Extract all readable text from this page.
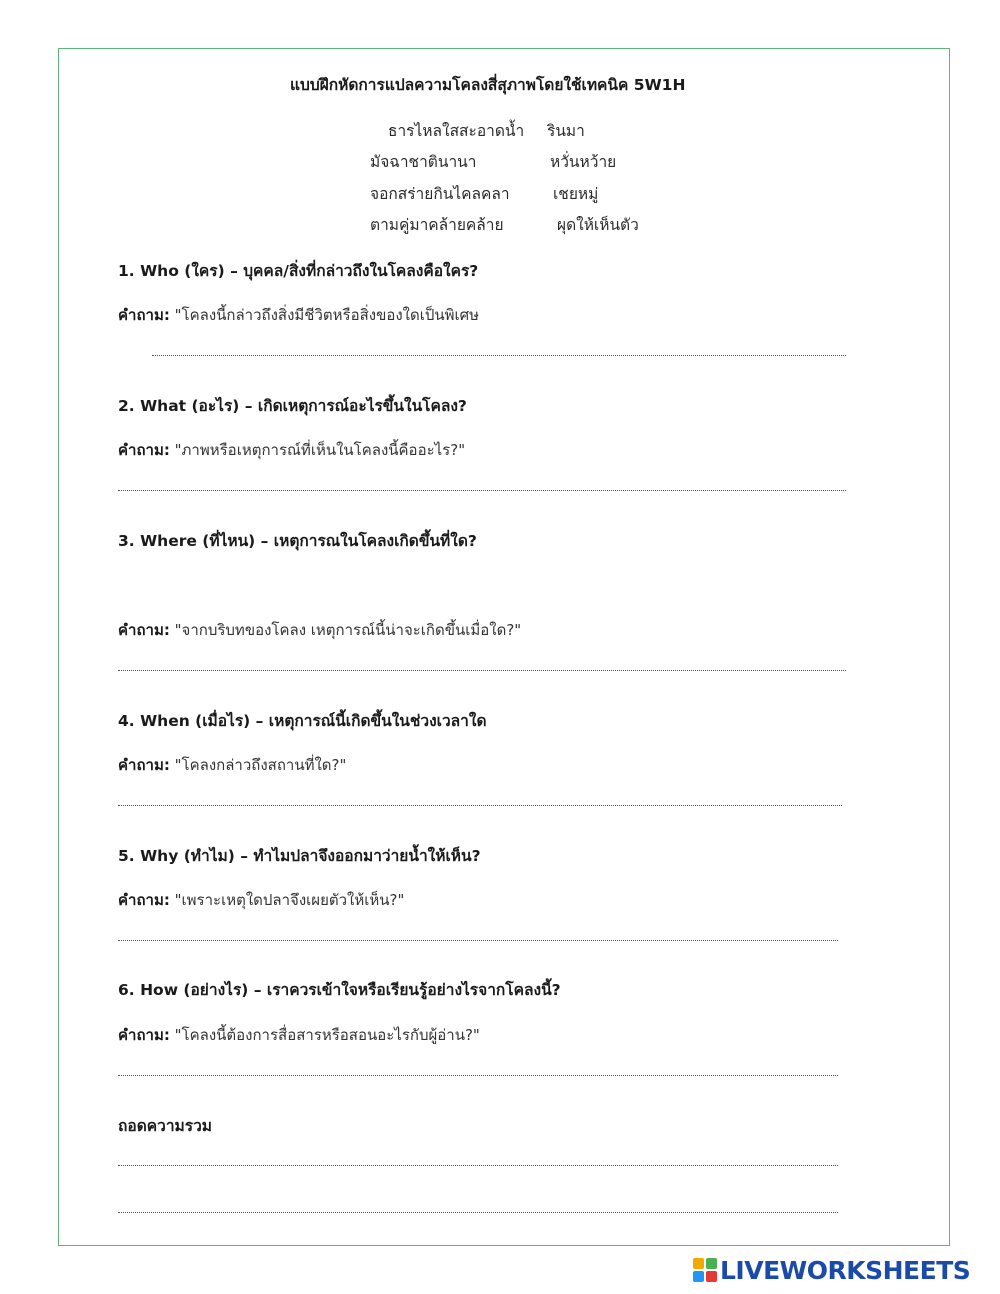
แบบฝึกหัดการแปลความโคลงสี่สุภาพโดยใช้เทคนิค 5W1H
ธารไหลใสสะอาดน้ำ รินมา
มัจฉาชาตินานา	หวั่นหว้าย
จอกสร่ายกินไคลคลา	เชยหมู่
ตามคู่มาคล้ายคล้าย	ผุดให้เห็นตัว
1. Who (ใคร) – บุคคล/สิ่งที่กล่าวถึงในโคลงคือใคร?
คำถาม: "โคลงนี้กล่าวถึงสิ่งมีชีวิตหรือสิ่งของใดเป็นพิเศษ
2. What (อะไร) – เกิดเหตุการณ์อะไรขึ้นในโคลง?
คำถาม: "ภาพหรือเหตุการณ์ที่เห็นในโคลงนี้คืออะไร?"
3. Where (ที่ไหน) – เหตุการณในโคลงเกิดขึ้นที่ใด?
คำถาม: "จากบริบทของโคลง เหตุการณ์นี้น่าจะเกิดขึ้นเมื่อใด?"
4. When (เมื่อไร) – เหตุการณ์นี้เกิดขึ้นในช่วงเวลาใด
คำถาม: "โคลงกล่าวถึงสถานที่ใด?"
5. Why (ทำไม) – ทำไมปลาจึงออกมาว่ายน้ำให้เห็น?
คำถาม: "เพราะเหตุใดปลาจึงเผยตัวให้เห็น?"
6. How (อย่างไร) – เราควรเข้าใจหรือเรียนรู้อย่างไรจากโคลงนี้?
คำถาม: "โคลงนี้ต้องการสื่อสารหรือสอนอะไรกับผู้อ่าน?"
ถอดความรวม
LIVEWORKSHEETS
